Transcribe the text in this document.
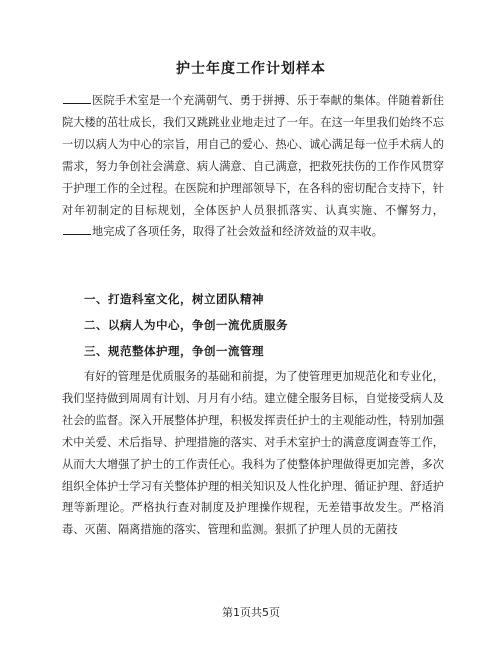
护士年度工作计划样本
医院手术室是一个充满朝气、勇于拼搏、乐于奉献的集体。伴随着新住院大楼的茁壮成长，我们又跳跳业业地走过了一年。在这一年里我们始终不忘一切以病人为中心的宗旨，用自己的爱心、热心、诚心满足每一位手术病人的需求，努力争创社会满意、病人满意、自己满意，把救死扶伤的工作作风贯穿于护理工作的全过程。在医院和护理部领导下，在各科的密切配合支持下，针对年初制定的目标规划，全体医护人员狠抓落实、认真实施、不懈努力，地完成了各项任务，取得了社会效益和经济效益的双丰收。
一、打造科室文化，树立团队精神
二、以病人为中心，争创一流优质服务
三、规范整体护理，争创一流管理
有好的管理是优质服务的基础和前提，为了使管理更加规范化和专业化，我们坚持做到周周有计划、月月有小结。建立健全服务目标，自觉接受病人及社会的监督。深入开展整体护理，积极发挥责任护士的主观能动性，特别加强术中关爱、术后指导、护理措施的落实、对手术室护士的满意度调查等工作，从而大大增强了护士的工作责任心。我科为了使整体护理做得更加完善，多次组织全体护士学习有关整体护理的相关知识及人性化护理、循证护理、舒适护理等新理论。严格执行查对制度及护理操作规程，无差错事故发生。严格消毒、灭菌、隔离措施的落实、管理和监测。狠抓了护理人员的无菌技
第1页共5页
